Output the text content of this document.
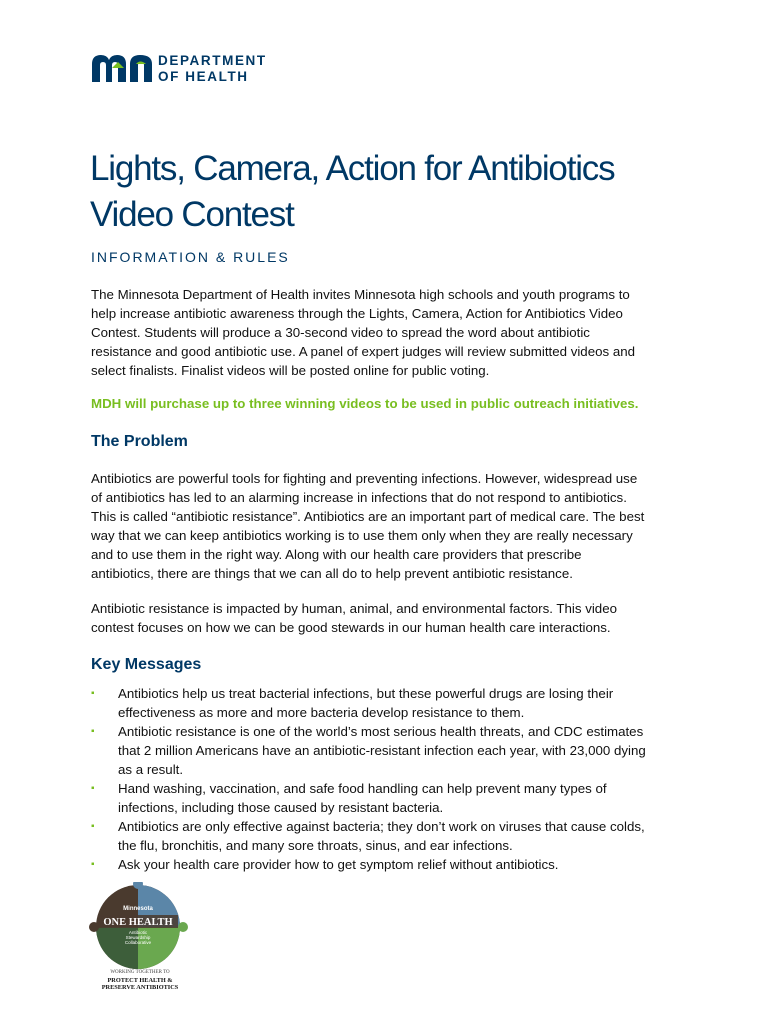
DEPARTMENT
OF HEALTH
Lights, Camera, Action for Antibiotics
Video Contest
INFORMATION & RULES
The Minnesota Department of Health invites Minnesota high schools and youth programs to
help increase antibiotic awareness through the Lights, Camera, Action for Antibiotics Video
Contest. Students will produce a 30-second video to spread the word about antibiotic
resistance and good antibiotic use. A panel of expert judges will review submitted videos and
select finalists. Finalist videos will be posted online for public voting.
MDH will purchase up to three winning videos to be used in public outreach initiatives.
The Problem
Antibiotics are powerful tools for fighting and preventing infections. However, widespread use
of antibiotics has led to an alarming increase in infections that do not respond to antibiotics.
This is called “antibiotic resistance”. Antibiotics are an important part of medical care. The best
way that we can keep antibiotics working is to use them only when they are really necessary
and to use them in the right way. Along with our health care providers that prescribe
antibiotics, there are things that we can all do to help prevent antibiotic resistance.
Antibiotic resistance is impacted by human, animal, and environmental factors. This video
contest focuses on how we can be good stewards in our human health care interactions.
Key Messages
▪ Antibiotics help us treat bacterial infections, but these powerful drugs are losing their
effectiveness as more and more bacteria develop resistance to them.
▪ Antibiotic resistance is one of the world’s most serious health threats, and CDC estimates
that 2 million Americans have an antibiotic-resistant infection each year, with 23,000 dying
as a result.
▪ Hand washing, vaccination, and safe food handling can help prevent many types of
infections, including those caused by resistant bacteria.
▪ Antibiotics are only effective against bacteria; they don’t work on viruses that cause colds,
the flu, bronchitis, and many sore throats, sinus, and ear infections.
▪ Ask your health care provider how to get symptom relief without antibiotics.
Minnesota
ONE HEALTH
Antibiotic
Stewardship
Collaborative
WORKING TOGETHER TO
PROTECT HEALTH &
PRESERVE ANTIBIOTICS
